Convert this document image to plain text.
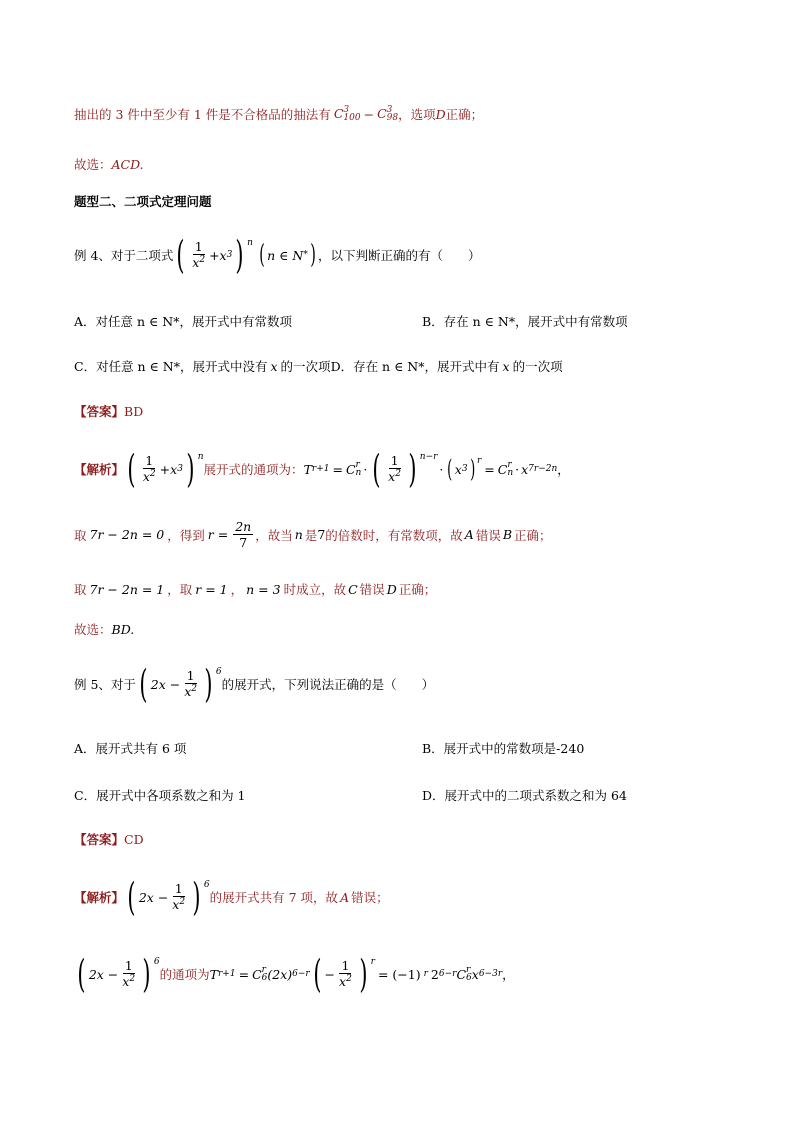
抽出的 3 件中至少有 1 件是不合格品的抽法有 C 3
100 − C 3
98 ，选项 D 正确；
故选： ACD.
题型二、二项式定理问题
例 4、对于二项式 ( $\frac{1}{x^2} + x$ 3 ) n ( n ∈ N * ) ，以下判断正确的有（　　）
A．对任意 n ∈ N*，展开式中有常数项	B．存在 n ∈ N*，展开式中有常数项
C．对任意 n ∈ N*，展开式中没有 x 的一次项 D．存在 n ∈ N*，展开式中有 x 的一次项
【答案】 BD
【解析】 ( $\frac{1}{x^2} + x$ 3 ) n
展开式的通项为： T r+1 = C r
n · ( $\frac{1}{x^2}$ ) n−r
· ( x 3 ) r
= C r
n · x 7r−2n ，
取 7r − 2n = 0 ，得到 $r = \frac{2n}{7}$ ，故当 n 是 7 的倍数时，有常数项，故 A 错误 B 正确；
取 7r − 2n = 1 ，取 r = 1 ， n = 3 时成立，故 C 错误 D 正确；
故选： BD.
例 5、对于 ( $2x - \frac{1}{x^2}$ ) 6
的展开式，下列说法正确的是（　　）
A．展开式共有 6 项	B．展开式中的常数项是-240
C．展开式中各项系数之和为 1	D．展开式中的二项式系数之和为 64
【答案】 CD
【解析】 ( $2x - \frac{1}{x^2}$ ) 6
的展开式共有 7 项，故 A 错误；
( $2x - \frac{1}{x^2}$ ) 6
的通项为 T r+1 = C r
6 (2x) 6−r ( − $\frac{1}{x^2}$ ) r
= (−1) r 2 6−r C r
6 x 6−3r ，
